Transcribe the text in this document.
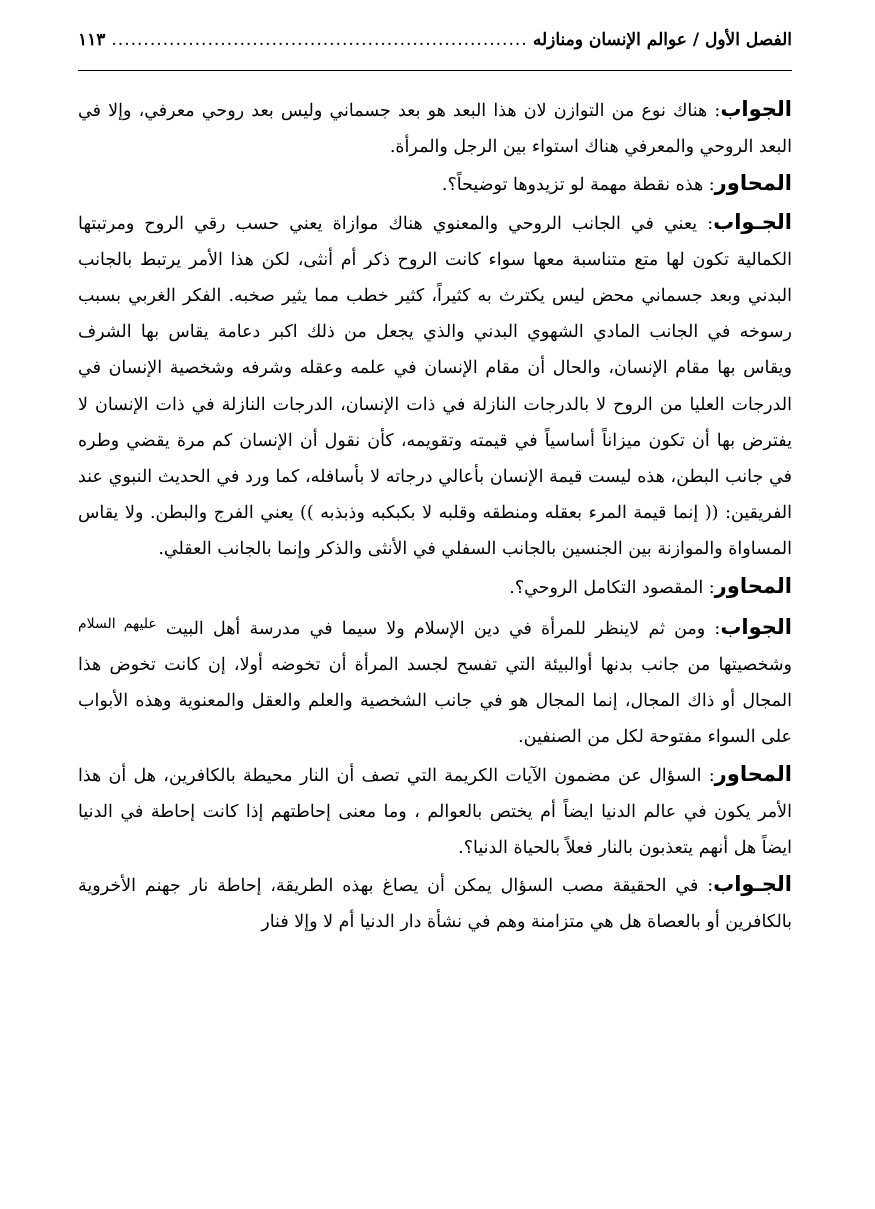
الفصل الأول / عوالم الإنسان ومنازله
.....
١١٣

الجواب: هناك نوع من التوازن لان هذا البعد هو بعد جسماني وليس بعد روحي معرفي، وإلا في البعد الروحي والمعرفي هناك استواء بين الرجل والمرأة.

المحاور: هذه نقطة مهمة لو تزيدوها توضيحاً؟.

الجـواب: يعني في الجانب الروحي والمعنوي هناك موازاة يعني حسب رقي الروح ومرتبتها الكمالية تكون لها متع متناسبة معها سواء كانت الروح ذكر أم أنثى، لكن هذا الأمر يرتبط بالجانب البدني وبعد جسماني محض ليس يكترث به كثيراً، كثير خطب مما يثير صخبه. الفكر الغربي بسبب رسوخه في الجانب المادي الشهوي البدني والذي يجعل من ذلك اكبر دعامة يقاس بها الشرف ويقاس بها مقام الإنسان، والحال أن مقام الإنسان في علمه وعقله وشرفه وشخصية الإنسان في الدرجات العليا من الروح لا بالدرجات النازلة في ذات الإنسان، الدرجات النازلة في ذات الإنسان لا يفترض بها أن تكون ميزاناً أساسياً في قيمته وتقويمه، كأن نقول أن الإنسان كم مرة يقضي وطره في جانب البطن، هذه ليست قيمة الإنسان بأعالي درجاته لا بأسافله، كما ورد في الحديث النبوي عند الفريقين: (( إنما قيمة المرء بعقله ومنطقه وقلبه لا بكبكبه وذبذبه )) يعني الفرج والبطن. ولا يقاس المساواة والموازنة بين الجنسين بالجانب السفلي في الأنثى والذكر وإنما بالجانب العقلي.

المحاور: المقصود التكامل الروحي؟.

الجواب: ومن ثم لاينظر للمرأة في دين الإسلام ولا سيما في مدرسة أهل البيت $^{عليهم السلام}$ وشخصيتها من جانب بدنها أوالبيئة التي تفسح لجسد المرأة أن تخوضه أولا، إن كانت تخوض هذا المجال أو ذاك المجال، إنما المجال هو في جانب الشخصية والعلم والعقل والمعنوية وهذه الأبواب على السواء مفتوحة لكل من الصنفين.

المحاور: السؤال عن مضمون الآيات الكريمة التي تصف أن النار محيطة بالكافرين، هل أن هذا الأمر يكون في عالم الدنيا ايضاً أم يختص بالعوالم ، وما معنى إحاطتهم إذا كانت إحاطة في الدنيا ايضاً هل أنهم يتعذبون بالنار فعلاً بالحياة الدنيا؟.

الجـواب: في الحقيقة مصب السؤال يمكن أن يصاغ بهذه الطريقة، إحاطة نار جهنم الأخروية بالكافرين أو بالعصاة هل هي متزامنة وهم في نشأة دار الدنيا أم لا وإلا فنار
